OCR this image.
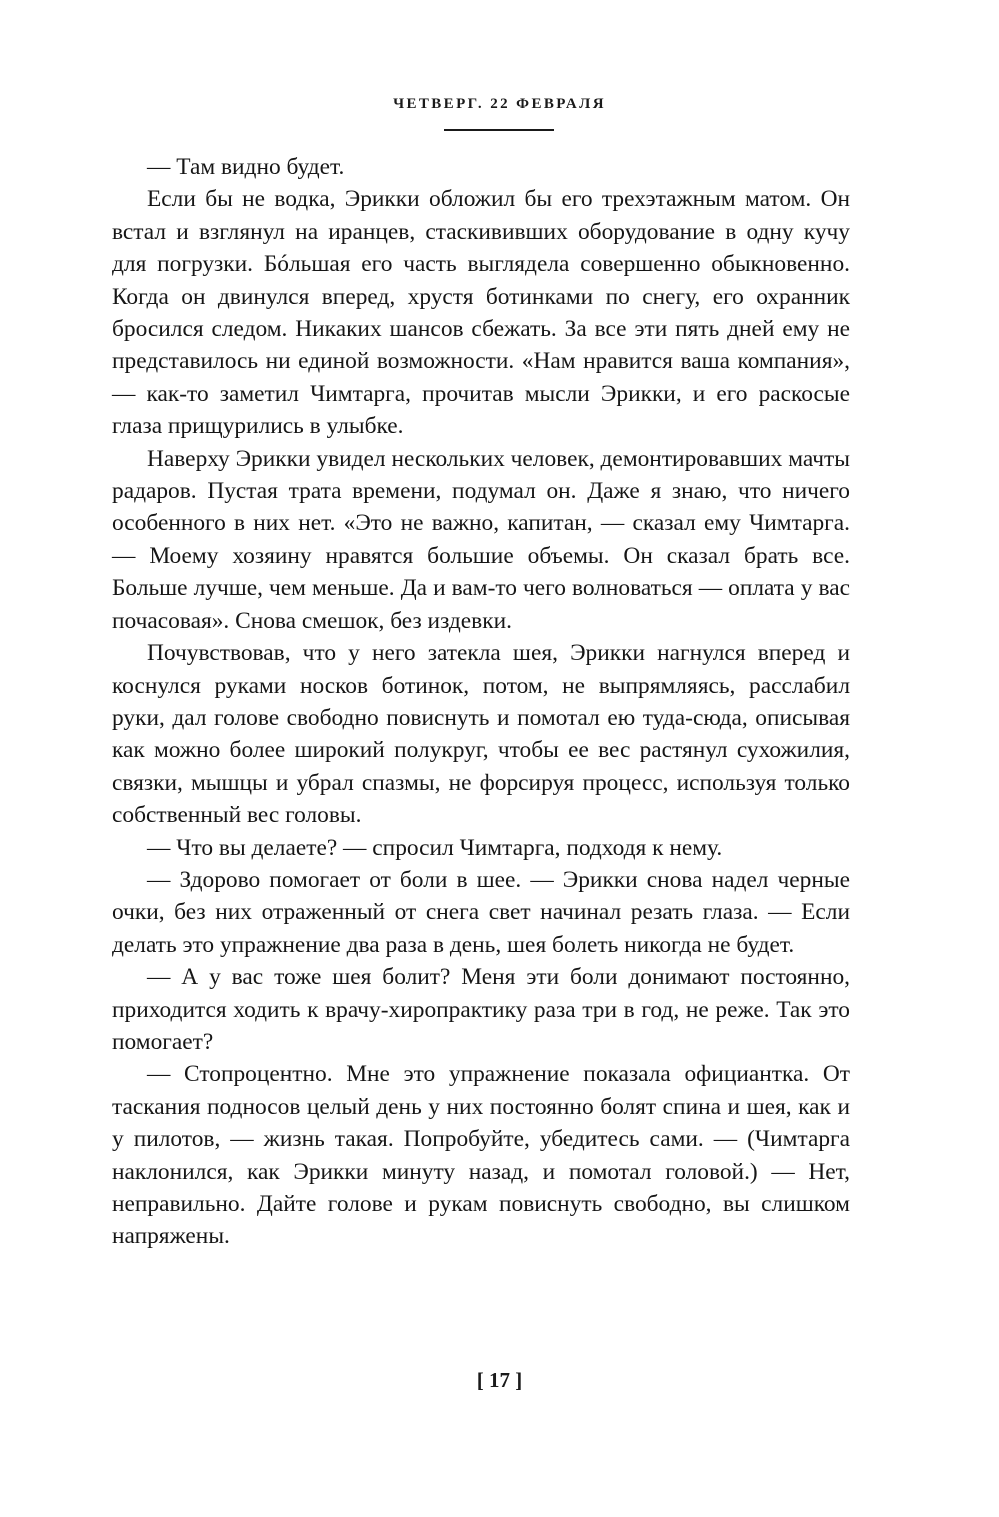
ЧЕТВЕРГ. 22 ФЕВРАЛЯ

— Там видно будет.

Если бы не водка, Эрикки обложил бы его трехэтажным матом. Он встал и взглянул на иранцев, стаскививших оборудование в одну кучу для погрузки. Бóльшая его часть выглядела совершенно обыкновенно. Когда он двинулся вперед, хрустя ботинками по снегу, его охранник бросился следом. Никаких шансов сбежать. За все эти пять дней ему не представилось ни единой возможности. «Нам нравится ваша компания», — как-то заметил Чимтарга, прочитав мысли Эрикки, и его раскосые глаза прищурились в улыбке.

Наверху Эрикки увидел нескольких человек, демонтировавших мачты радаров. Пустая трата времени, подумал он. Даже я знаю, что ничего особенного в них нет. «Это не важно, капитан, — сказал ему Чимтарга. — Моему хозяину нравятся большие объемы. Он сказал брать все. Больше лучше, чем меньше. Да и вам-то чего волноваться — оплата у вас почасовая». Снова смешок, без издевки.

Почувствовав, что у него затекла шея, Эрикки нагнулся вперед и коснулся руками носков ботинок, потом, не выпрямляясь, расслабил руки, дал голове свободно повиснуть и помотал ею туда-сюда, описывая как можно более широкий полукруг, чтобы ее вес растянул сухожилия, связки, мышцы и убрал спазмы, не форсируя процесс, используя только собственный вес головы.

— Что вы делаете? — спросил Чимтарга, подходя к нему.

— Здорово помогает от боли в шее. — Эрикки снова надел черные очки, без них отраженный от снега свет начинал резать глаза. — Если делать это упражнение два раза в день, шея болеть никогда не будет.

— А у вас тоже шея болит? Меня эти боли донимают постоянно, приходится ходить к врачу-хиропрактику раза три в год, не реже. Так это помогает?

— Стопроцентно. Мне это упражнение показала официантка. От таскания подносов целый день у них постоянно болят спина и шея, как и у пилотов, — жизнь такая. Попробуйте, убедитесь сами. — (Чимтарга наклонился, как Эрикки минуту назад, и помотал головой.) — Нет, неправильно. Дайте голове и рукам повиснуть свободно, вы слишком напряжены.

[ 17 ]
